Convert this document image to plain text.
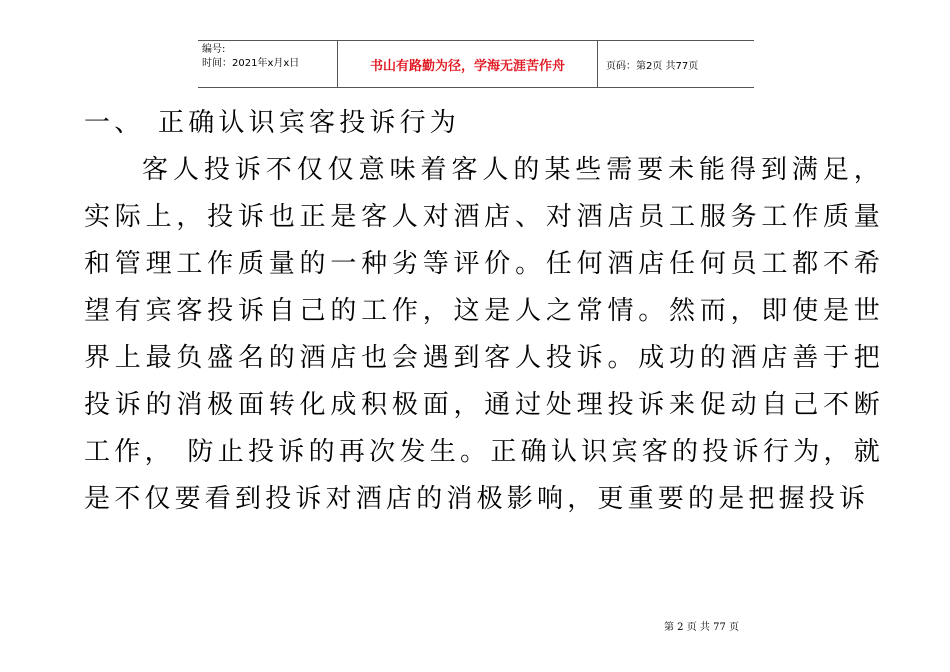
编号:
时间：2021年x月x日	书山有路勤为径，学海无涯苦作舟	页码：第2页 共77页
一、 正确认识宾客投诉行为
客人投诉不仅仅意味着客人的某些需要未能得到满足，实际上，投诉也正是客人对酒店、对酒店员工服务工作质量和管理工作质量的一种劣等评价。任何酒店任何员工都不希望有宾客投诉自己的工作，这是人之常情。然而，即使是世界上最负盛名的酒店也会遇到客人投诉。成功的酒店善于把投诉的消极面转化成积极面，通过处理投诉来促动自己不断工作， 防止投诉的再次发生。正确认识宾客的投诉行为，就是不仅要看到投诉对酒店的消极影响，更重要的是把握投诉
第 2 页 共 77 页
